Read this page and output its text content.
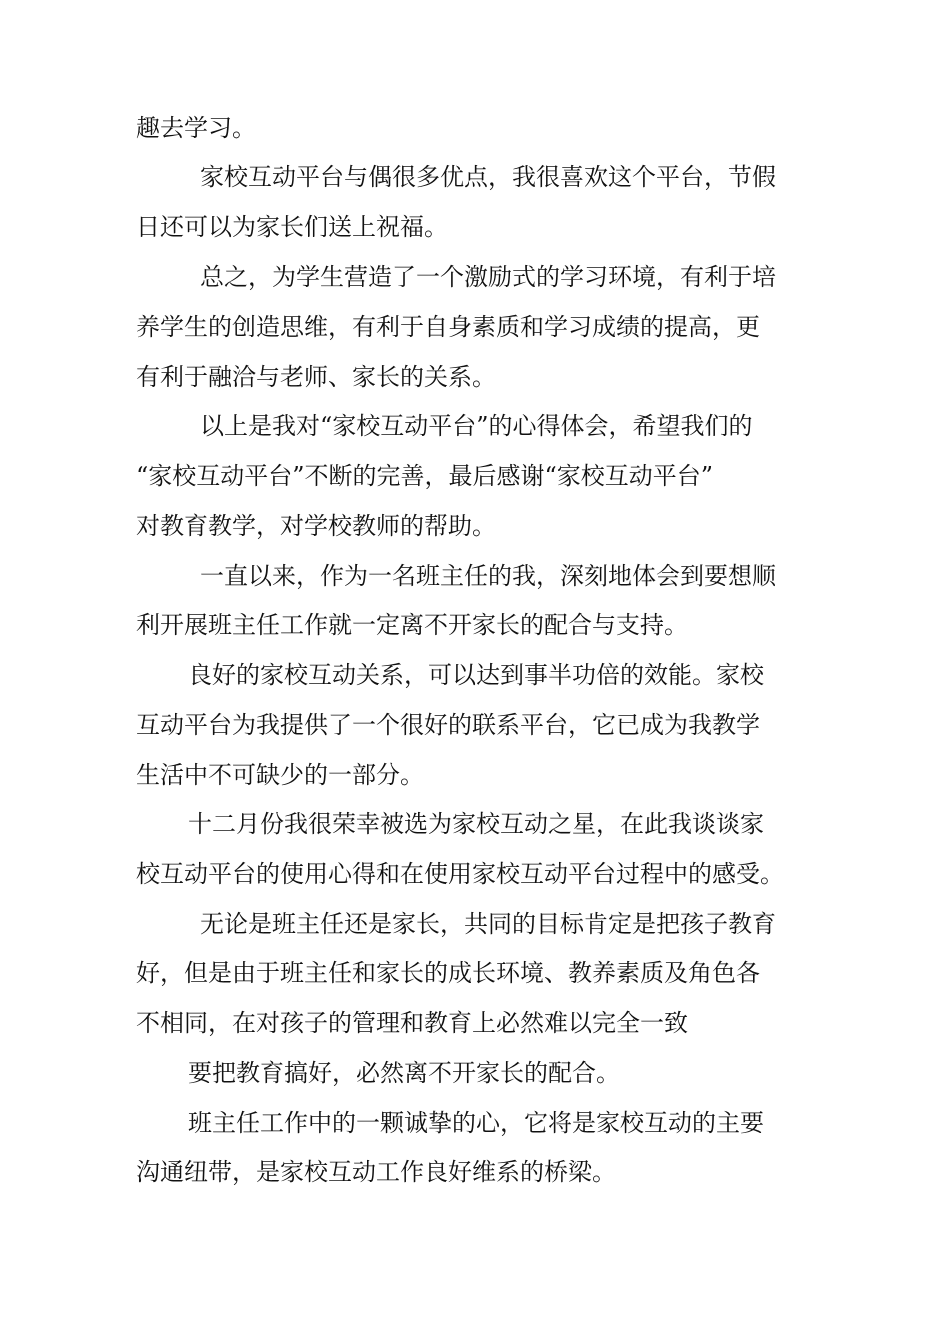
趣去学习。

家校互动平台与偶很多优点，我很喜欢这个平台，节假

日还可以为家长们送上祝福。

总之，为学生营造了一个激励式的学习环境，有利于培

养学生的创造思维，有利于自身素质和学习成绩的提高，更

有利于融洽与老师、家长的关系。

以上是我对“家校互动平台”的心得体会，希望我们的

“家校互动平台”不断的完善，最后感谢“家校互动平台”

对教育教学，对学校教师的帮助。

一直以来，作为一名班主任的我，深刻地体会到要想顺

利开展班主任工作就一定离不开家长的配合与支持。

良好的家校互动关系，可以达到事半功倍的效能。家校

互动平台为我提供了一个很好的联系平台，它已成为我教学

生活中不可缺少的一部分。

十二月份我很荣幸被选为家校互动之星，在此我谈谈家

校互动平台的使用心得和在使用家校互动平台过程中的感受。

无论是班主任还是家长，共同的目标肯定是把孩子教育

好，但是由于班主任和家长的成长环境、教养素质及角色各

不相同，在对孩子的管理和教育上必然难以完全一致

要把教育搞好，必然离不开家长的配合。

班主任工作中的一颗诚挚的心，它将是家校互动的主要

沟通纽带，是家校互动工作良好维系的桥梁。
